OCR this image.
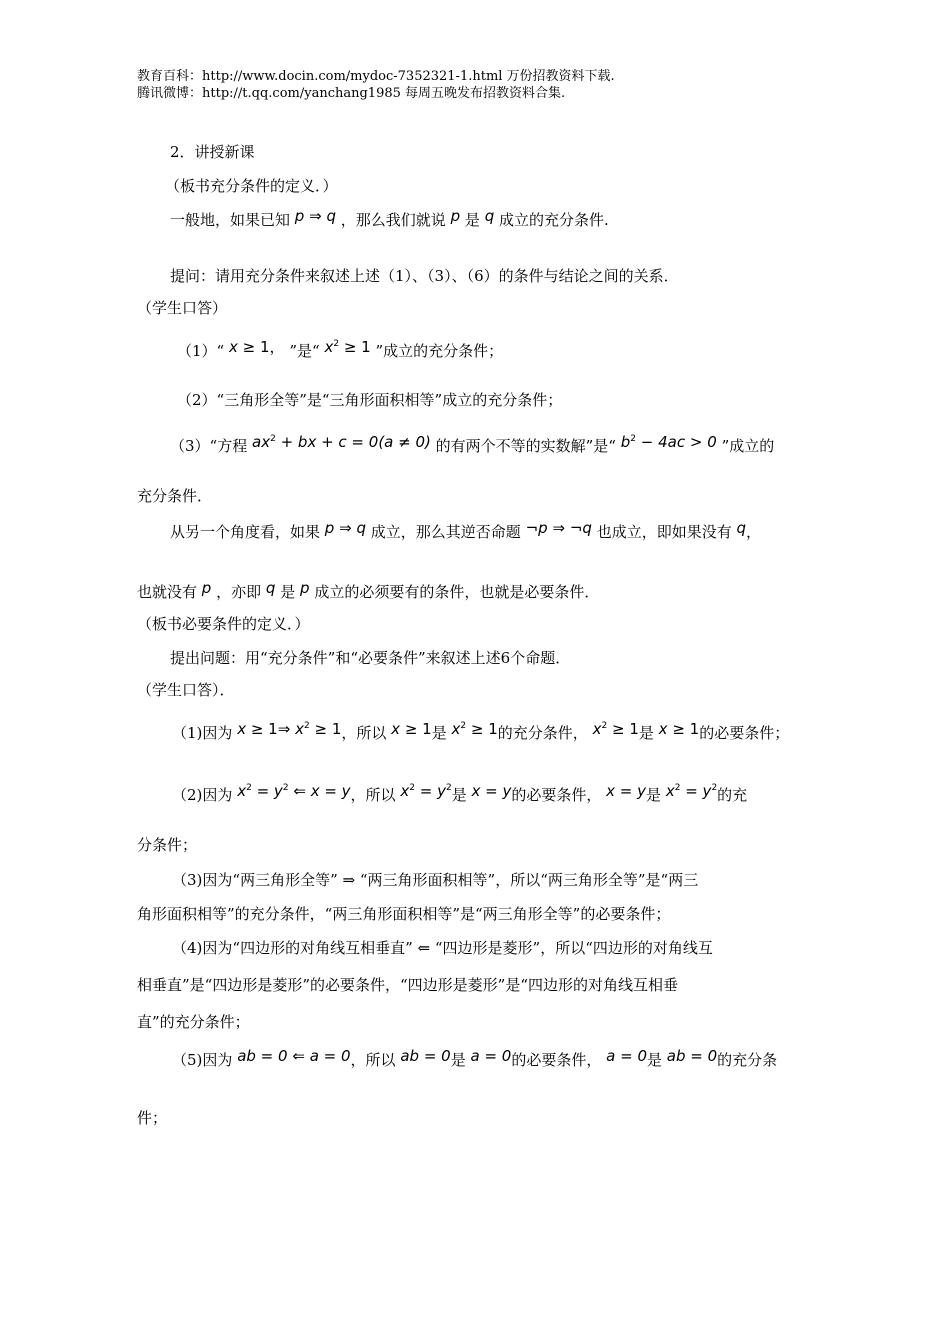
教育百科：http://www.docin.com/mydoc-7352321-1.html 万份招教资料下载.
腾讯微博：http://t.qq.com/yanchang1985 每周五晚发布招教资料合集.
2．讲授新课
（板书充分条件的定义．）
一般地，如果已知 p ⇒ q ，那么我们就说 p 是 q 成立的充分条件.
提问：请用充分条件来叙述上述（1）、（3）、（6）的条件与结论之间的关系．
（学生口答）
（1）“ x ≥ 1， ”是“ $x^2 \ge 1$ ”成立的充分条件；
（2）“三角形全等”是“三角形面积相等”成立的充分条件；
（3）“方程 $ax^2$ + bx + c = 0(a ≠ 0) 的有两个不等的实数解”是“ $b^2 - 4ac > 0$ ”成立的
充分条件．
从另一个角度看，如果 p ⇒ q 成立，那么其逆否命题 ¬p ⇒ ¬q 也成立，即如果没有 q，
也就没有 p ，亦即 q 是 p 成立的必须要有的条件，也就是必要条件．
（板书必要条件的定义．）
提出问题：用“充分条件”和“必要条件”来叙述上述6个命题．
（学生口答）．
（1)因为 x ≥ 1⇒ $x^2 \ge 1$，所以 x ≥ 1是 $x^2 \ge 1$的充分条件， $x^2 \ge 1$是 x ≥ 1的必要条件；
（2)因为 $x^2 = y^2$ ⇐ x = y，所以 $x^2 = y^2$是 x = y的必要条件， x = y是 $x^2 = y^2$的充
分条件；
（3)因为“两三角形全等” ⇒ “两三角形面积相等”，所以“两三角形全等”是“两三
角形面积相等”的充分条件，“两三角形面积相等”是“两三角形全等”的必要条件；
（4)因为“四边形的对角线互相垂直” ⇐ “四边形是菱形”，所以“四边形的对角线互
相垂直”是“四边形是菱形”的必要条件，“四边形是菱形”是“四边形的对角线互相垂
直”的充分条件；
（5)因为 ab = 0 ⇐ a = 0，所以 ab = 0是 a = 0的必要条件， a = 0是 ab = 0的充分条
件；
